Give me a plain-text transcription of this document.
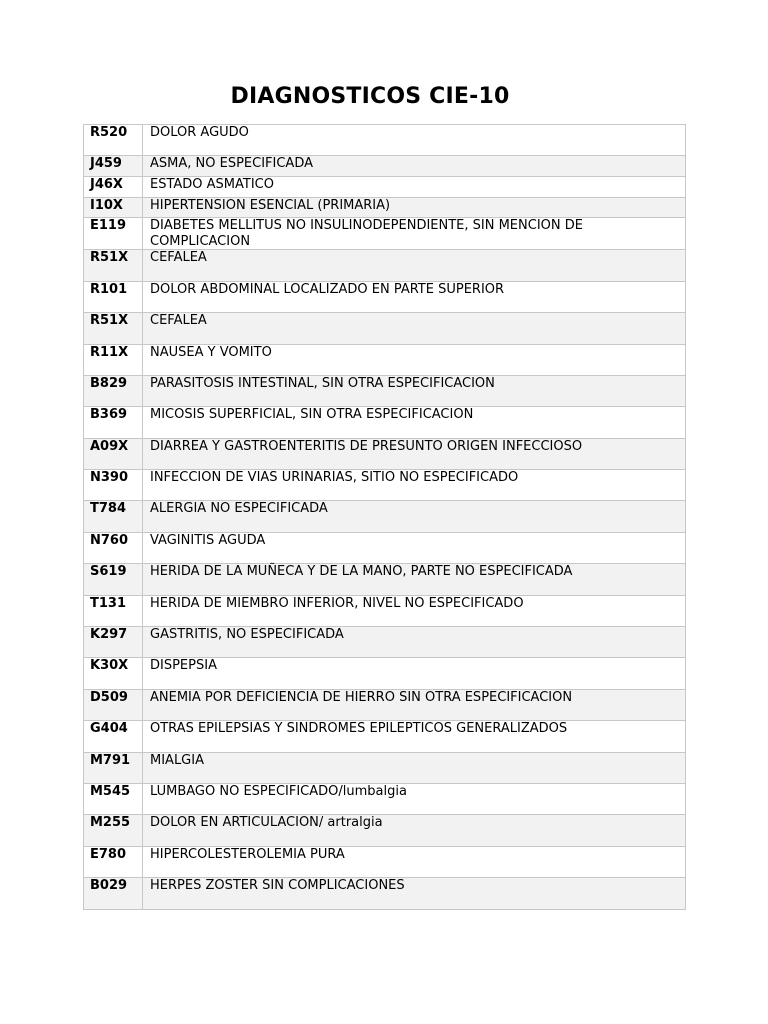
DIAGNOSTICOS CIE-10
R520	DOLOR AGUDO
J459	ASMA, NO ESPECIFICADA
J46X	ESTADO ASMATICO
I10X	HIPERTENSION ESENCIAL (PRIMARIA)
E119	DIABETES MELLITUS NO INSULINODEPENDIENTE, SIN MENCION DE COMPLICACION
R51X	CEFALEA
R101	DOLOR ABDOMINAL LOCALIZADO EN PARTE SUPERIOR
R51X	CEFALEA
R11X	NAUSEA Y VOMITO
B829	PARASITOSIS INTESTINAL, SIN OTRA ESPECIFICACION
B369	MICOSIS SUPERFICIAL, SIN OTRA ESPECIFICACION
A09X	DIARREA Y GASTROENTERITIS DE PRESUNTO ORIGEN INFECCIOSO
N390	INFECCION DE VIAS URINARIAS, SITIO NO ESPECIFICADO
T784	ALERGIA NO ESPECIFICADA
N760	VAGINITIS AGUDA
S619	HERIDA DE LA MUÑECA Y DE LA MANO, PARTE NO ESPECIFICADA
T131	HERIDA DE MIEMBRO INFERIOR, NIVEL NO ESPECIFICADO
K297	GASTRITIS, NO ESPECIFICADA
K30X	DISPEPSIA
D509	ANEMIA POR DEFICIENCIA DE HIERRO SIN OTRA ESPECIFICACION
G404	OTRAS EPILEPSIAS Y SINDROMES EPILEPTICOS GENERALIZADOS
M791	MIALGIA
M545	LUMBAGO NO ESPECIFICADO/lumbalgia
M255	DOLOR EN ARTICULACION/ artralgia
E780	HIPERCOLESTEROLEMIA PURA
B029	HERPES ZOSTER SIN COMPLICACIONES
